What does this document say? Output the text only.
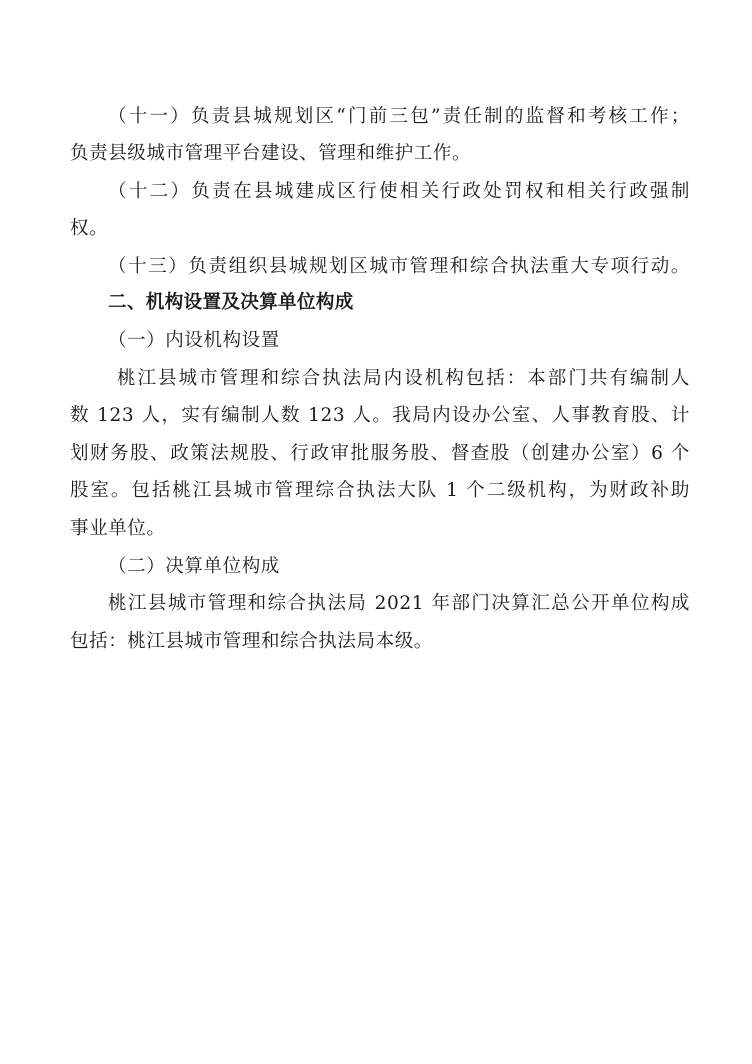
（十一）负责县城规划区“门前三包”责任制的监督和考核工作；
负责县级城市管理平台建设、管理和维护工作。
（十二）负责在县城建成区行使相关行政处罚权和相关行政强制
权。
（十三）负责组织县城规划区城市管理和综合执法重大专项行动。
二、机构设置及决算单位构成
（一）内设机构设置
桃江县城市管理和综合执法局内设机构包括：本部门共有编制人
数 123 人，实有编制人数 123 人。我局内设办公室、人事教育股、计
划财务股、政策法规股、行政审批服务股、督查股（创建办公室）6 个
股室。包括桃江县城市管理综合执法大队 1 个二级机构，为财政补助
事业单位。
（二）决算单位构成
桃江县城市管理和综合执法局 2021 年部门决算汇总公开单位构成
包括：桃江县城市管理和综合执法局本级。
